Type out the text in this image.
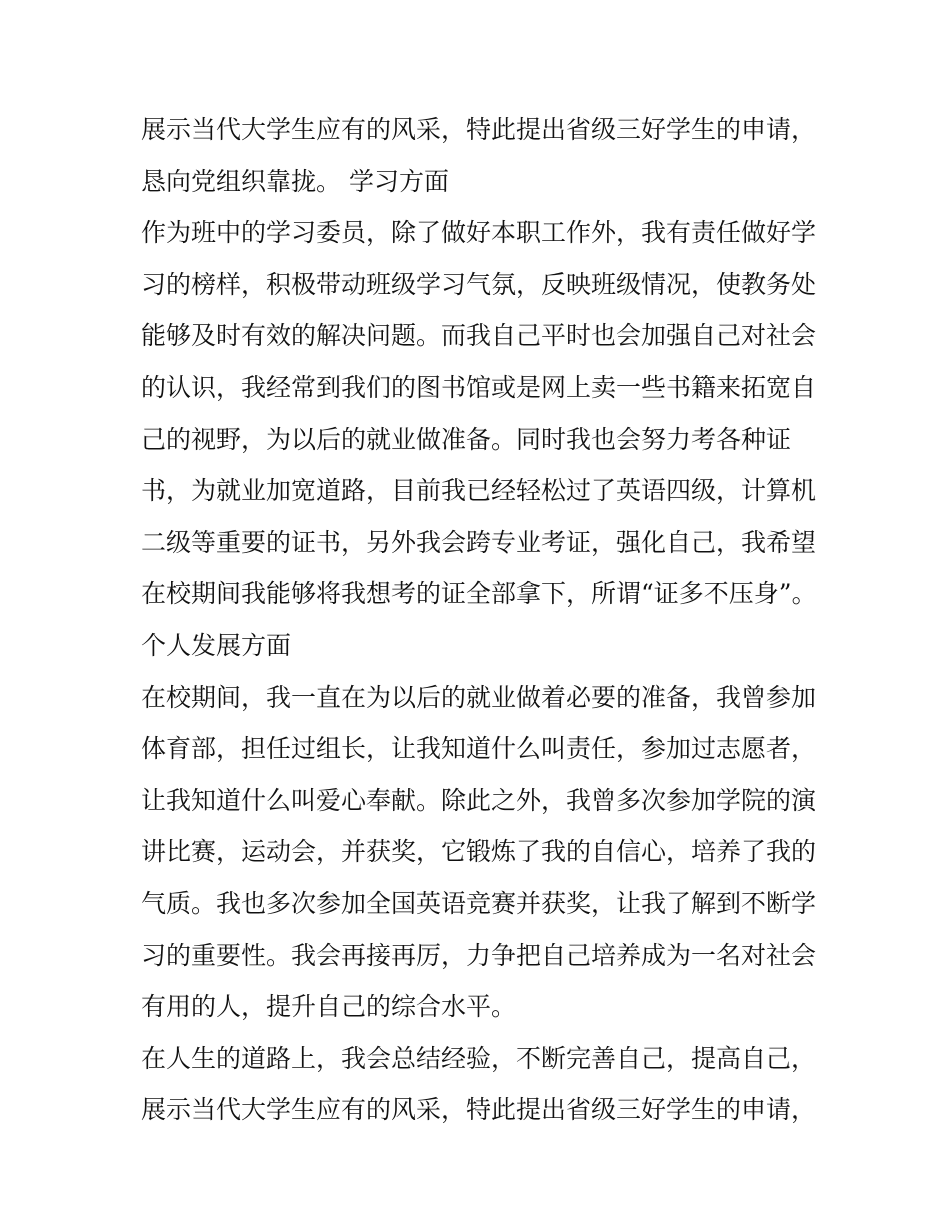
展示当代大学生应有的风采，特此提出省级三好学生的申请，
恳向党组织靠拢。 学习方面
作为班中的学习委员，除了做好本职工作外，我有责任做好学
习的榜样，积极带动班级学习气氛，反映班级情况，使教务处
能够及时有效的解决问题。而我自己平时也会加强自己对社会
的认识，我经常到我们的图书馆或是网上卖一些书籍来拓宽自
己的视野，为以后的就业做准备。同时我也会努力考各种证
书，为就业加宽道路，目前我已经轻松过了英语四级，计算机
二级等重要的证书，另外我会跨专业考证，强化自己，我希望
在校期间我能够将我想考的证全部拿下，所谓“证多不压身”。
个人发展方面
在校期间，我一直在为以后的就业做着必要的准备，我曾参加
体育部，担任过组长，让我知道什么叫责任，参加过志愿者，
让我知道什么叫爱心奉献。除此之外，我曾多次参加学院的演
讲比赛，运动会，并获奖，它锻炼了我的自信心，培养了我的
气质。我也多次参加全国英语竞赛并获奖，让我了解到不断学
习的重要性。我会再接再厉，力争把自己培养成为一名对社会
有用的人，提升自己的综合水平。
在人生的道路上，我会总结经验，不断完善自己，提高自己，
展示当代大学生应有的风采，特此提出省级三好学生的申请，
